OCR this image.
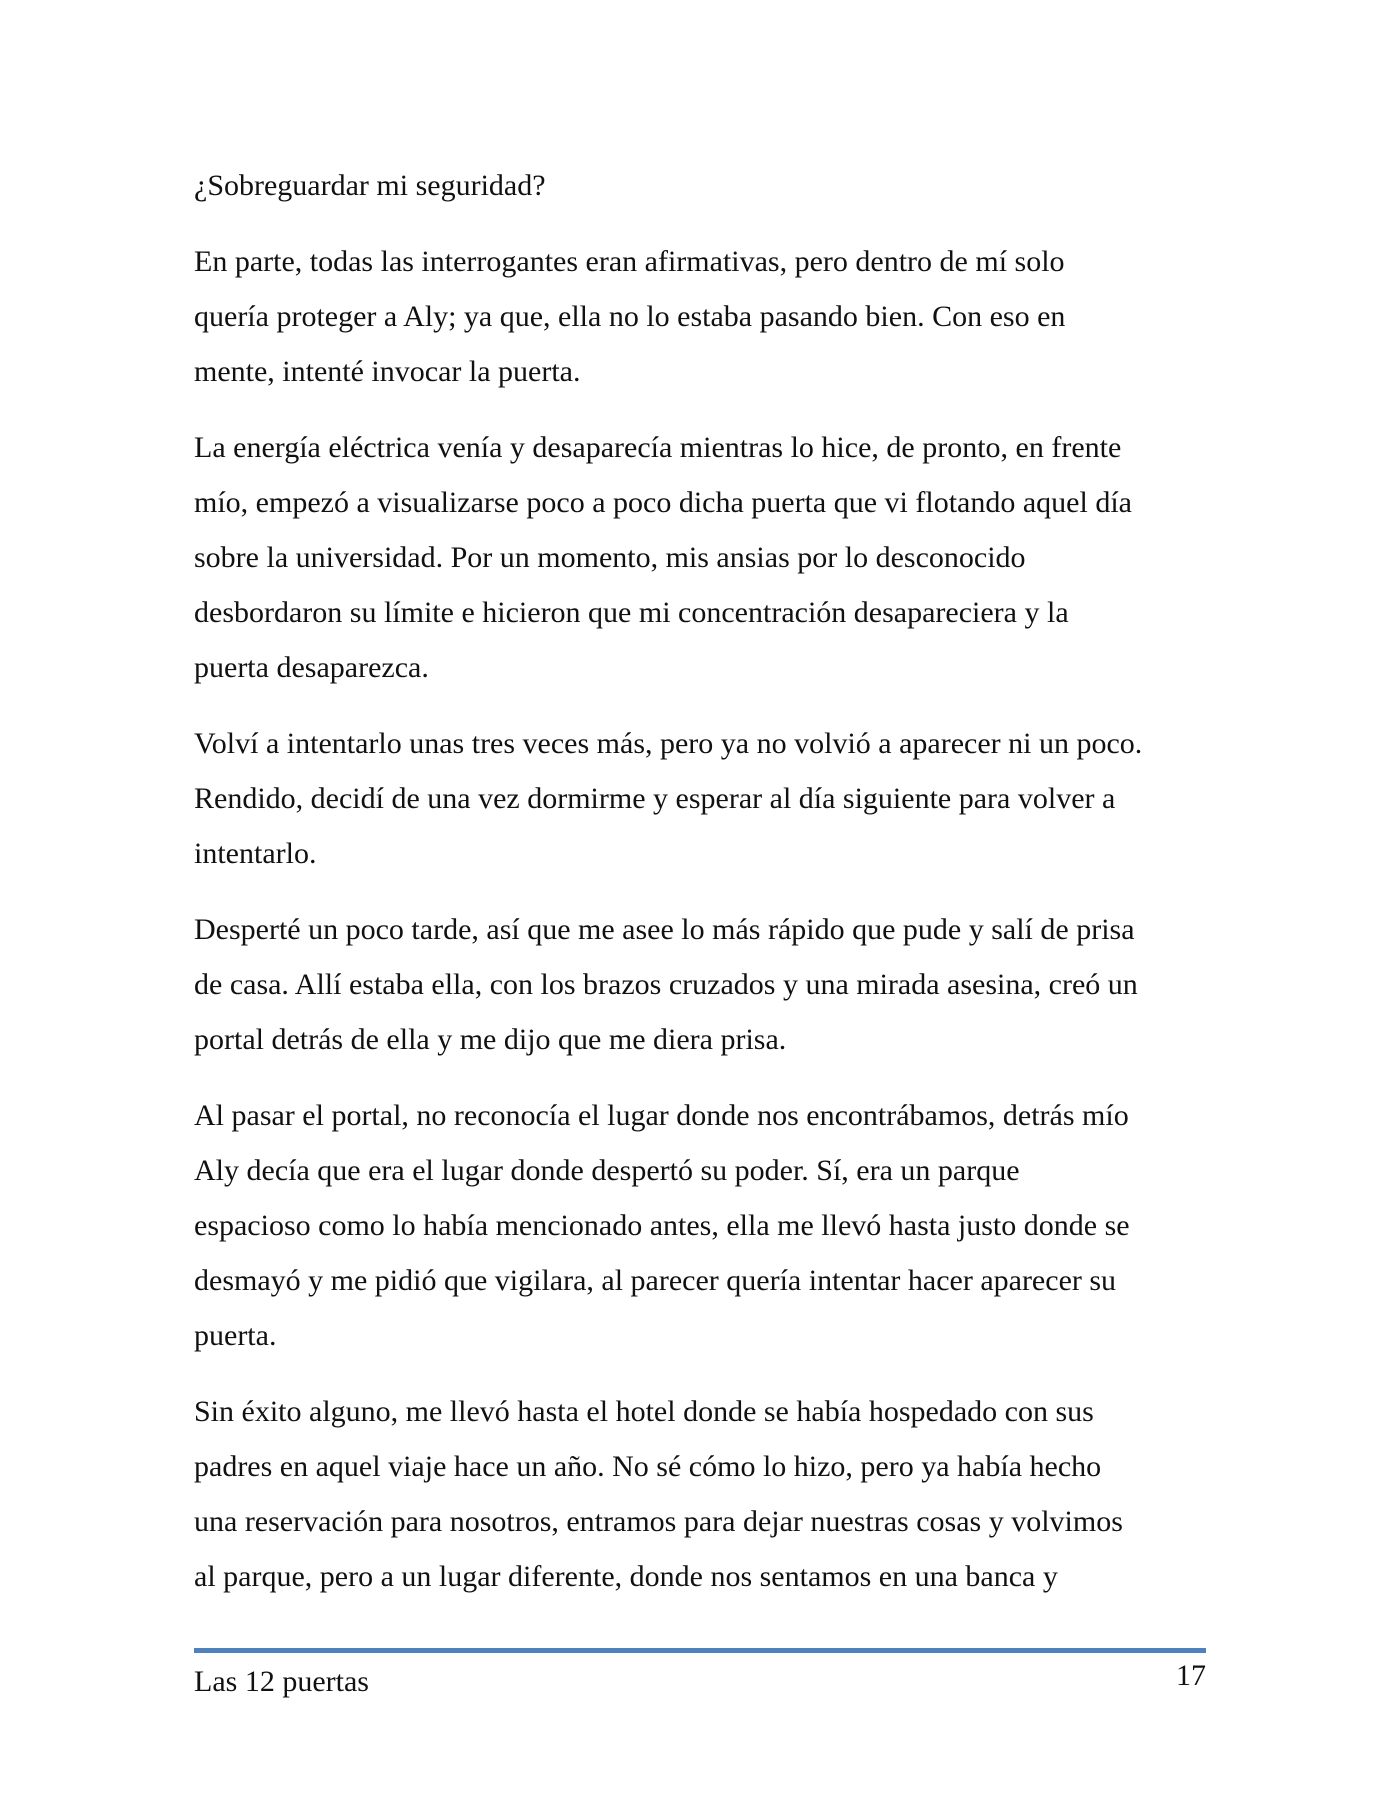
¿Sobreguardar mi seguridad?

En parte, todas las interrogantes eran afirmativas, pero dentro de mí solo
quería proteger a Aly; ya que, ella no lo estaba pasando bien. Con eso en
mente, intenté invocar la puerta.

La energía eléctrica venía y desaparecía mientras lo hice, de pronto, en frente
mío, empezó a visualizarse poco a poco dicha puerta que vi flotando aquel día
sobre la universidad. Por un momento, mis ansias por lo desconocido
desbordaron su límite e hicieron que mi concentración desapareciera y la
puerta desaparezca.

Volví a intentarlo unas tres veces más, pero ya no volvió a aparecer ni un poco.
Rendido, decidí de una vez dormirme y esperar al día siguiente para volver a
intentarlo.

Desperté un poco tarde, así que me asee lo más rápido que pude y salí de prisa
de casa. Allí estaba ella, con los brazos cruzados y una mirada asesina, creó un
portal detrás de ella y me dijo que me diera prisa.

Al pasar el portal, no reconocía el lugar donde nos encontrábamos, detrás mío
Aly decía que era el lugar donde despertó su poder. Sí, era un parque
espacioso como lo había mencionado antes, ella me llevó hasta justo donde se
desmayó y me pidió que vigilara, al parecer quería intentar hacer aparecer su
puerta.

Sin éxito alguno, me llevó hasta el hotel donde se había hospedado con sus
padres en aquel viaje hace un año. No sé cómo lo hizo, pero ya había hecho
una reservación para nosotros, entramos para dejar nuestras cosas y volvimos
al parque, pero a un lugar diferente, donde nos sentamos en una banca y

Las 12 puertas	17
